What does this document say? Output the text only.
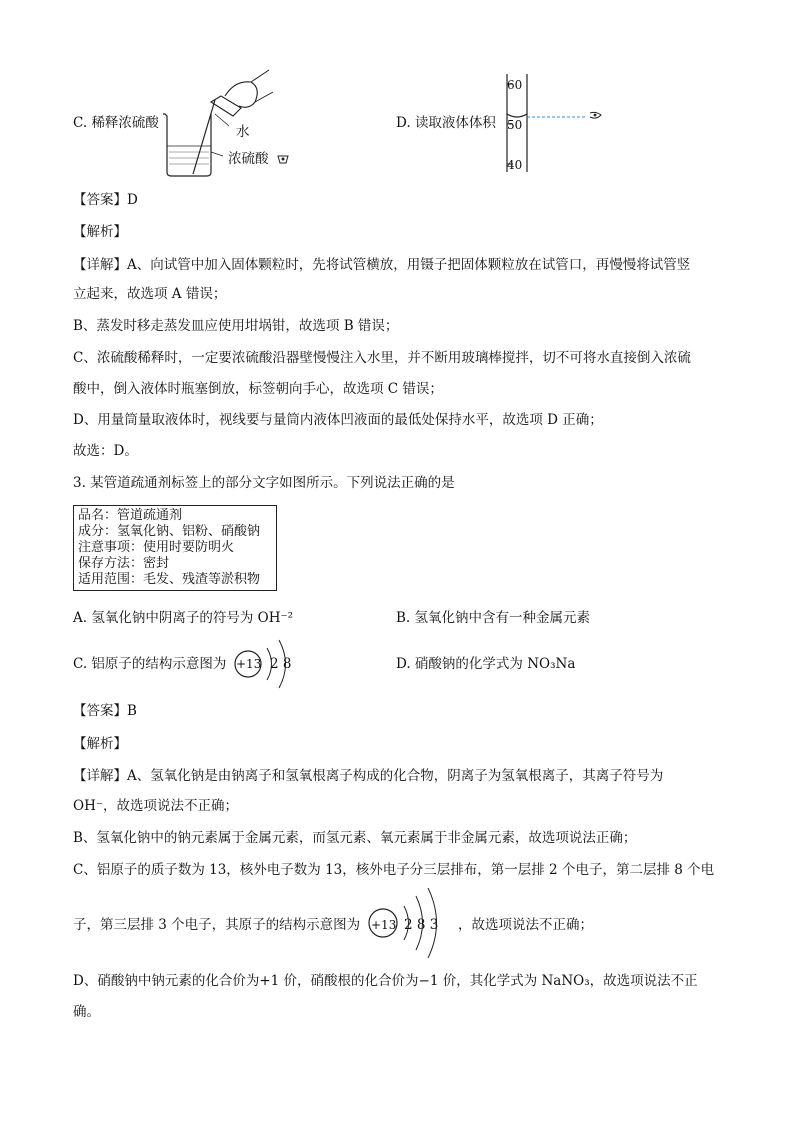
C. 稀释浓硫酸
水
浓硫酸
D. 读取液体体积
60
50
40
【答案】D
【解析】
【详解】A、向试管中加入固体颗粒时，先将试管横放，用镊子把固体颗粒放在试管口，再慢慢将试管竖
立起来，故选项 A 错误；
B、蒸发时移走蒸发皿应使用坩埚钳，故选项 B 错误；
C、浓硫酸稀释时，一定要浓硫酸沿器壁慢慢注入水里，并不断用玻璃棒搅拌，切不可将水直接倒入浓硫
酸中，倒入液体时瓶塞倒放，标签朝向手心，故选项 C 错误；
D、用量筒量取液体时，视线要与量筒内液体凹液面的最低处保持水平，故选项 D 正确；
故选：D。
3. 某管道疏通剂标签上的部分文字如图所示。下列说法正确的是
品名：管道疏通剂
成分：氢氧化钠、铝粉、硝酸钠
注意事项：使用时要防明火
保存方法：密封
适用范围：毛发、残渣等淤积物
A. 氢氧化钠中阴离子的符号为 OH⁻²	B. 氢氧化钠中含有一种金属元素
C. 铝原子的结构示意图为 +13 2 8	D. 硝酸钠的化学式为 NO₃Na
【答案】B
【解析】
【详解】A、氢氧化钠是由钠离子和氢氧根离子构成的化合物，阴离子为氢氧根离子，其离子符号为
OH⁻，故选项说法不正确；
B、氢氧化钠中的钠元素属于金属元素，而氢元素、氧元素属于非金属元素，故选项说法正确；
C、铝原子的质子数为 13，核外电子数为 13，核外电子分三层排布，第一层排 2 个电子，第二层排 8 个电
子，第三层排 3 个电子，其原子的结构示意图为 +13 2 8 3 ，故选项说法不正确；
D、硝酸钠中钠元素的化合价为+1 价，硝酸根的化合价为−1 价，其化学式为 NaNO₃，故选项说法不正
确。
